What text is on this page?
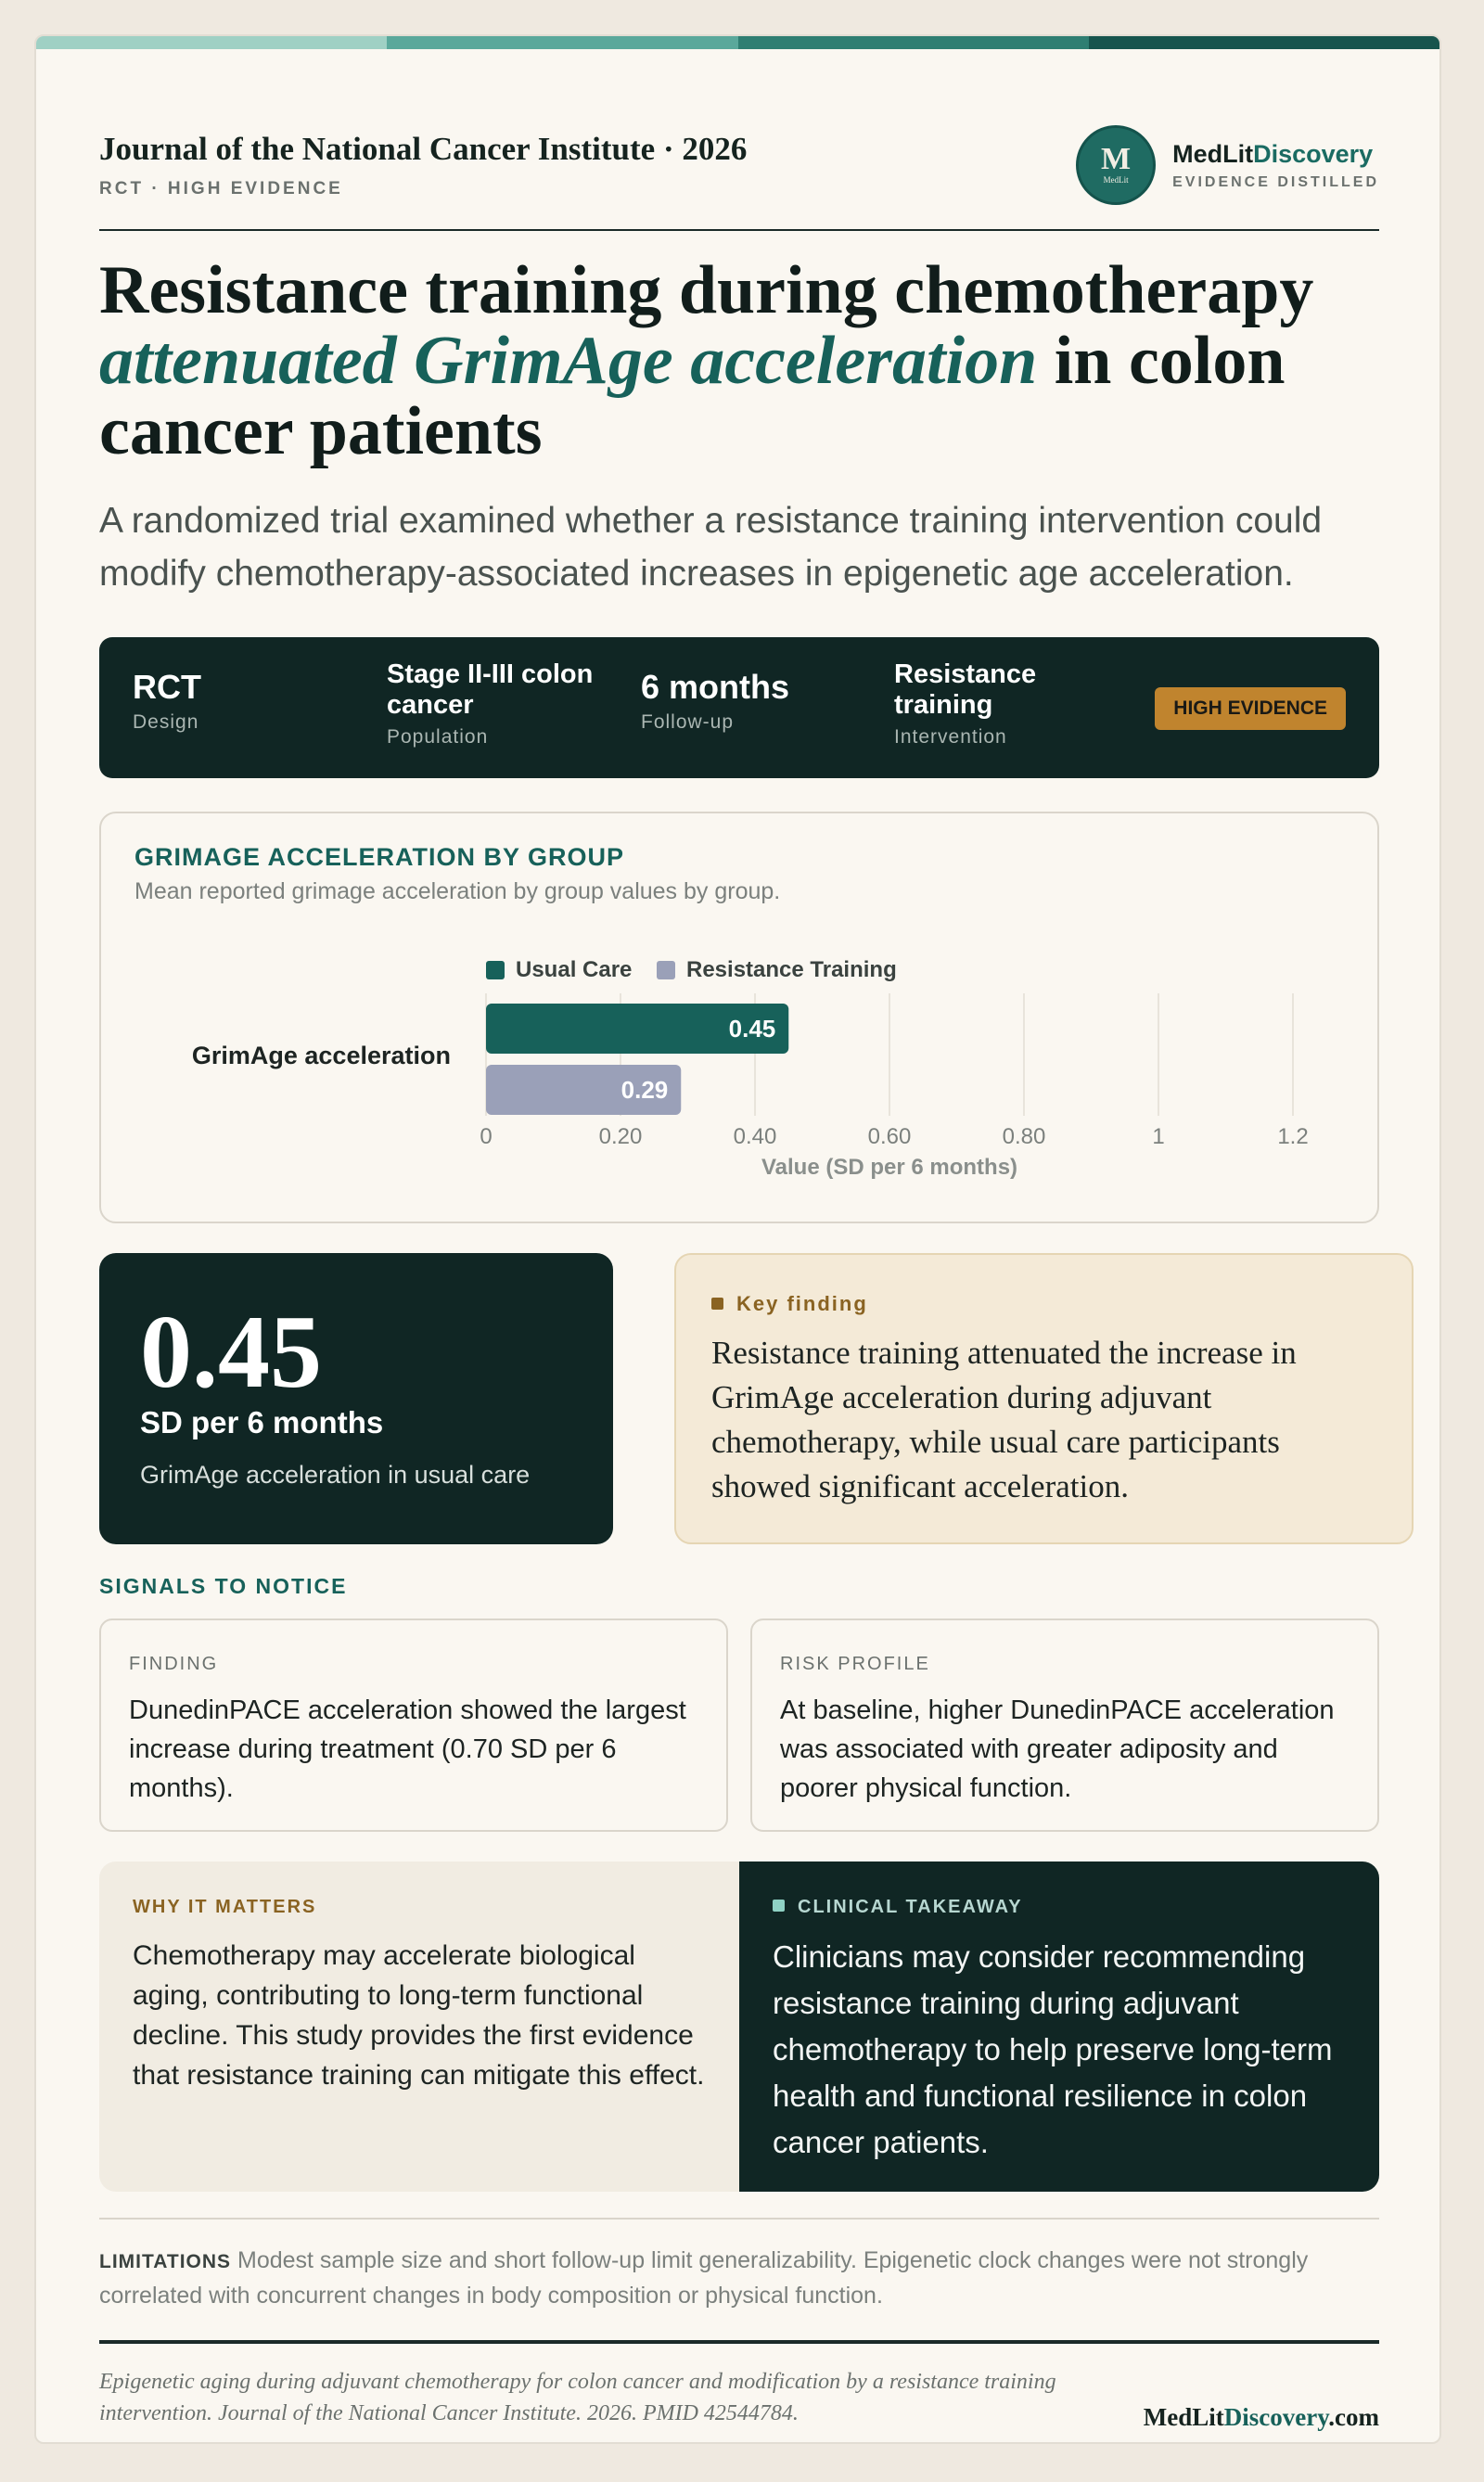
Journal of the National Cancer Institute · 2026
RCT · HIGH EVIDENCE
M
MedLit
MedLitDiscovery
EVIDENCE DISTILLED
Resistance training during chemotherapy attenuated GrimAge acceleration in colon cancer patients

A randomized trial examined whether a resistance training intervention could modify chemotherapy-associated increases in epigenetic age acceleration.

RCT
Design
Stage II-III colon cancer
Population
6 months
Follow-up
Resistance training
Intervention
HIGH EVIDENCE
GRIMAGE ACCELERATION BY GROUP
Mean reported grimage acceleration by group values by group.
0	0.20	0.40	0.60	0.80	1	1.2
Usual Care Resistance Training
GrimAge acceleration
0.45
0.29
Value (SD per 6 months)
0.45
SD per 6 months
GrimAge acceleration in usual care
Key finding
Resistance training attenuated the increase in GrimAge acceleration during adjuvant chemotherapy, while usual care participants showed significant acceleration.
SIGNALS TO NOTICE
FINDING
DunedinPACE acceleration showed the largest increase during treatment (0.70 SD per 6 months).
RISK PROFILE
At baseline, higher DunedinPACE acceleration was associated with greater adiposity and poorer physical function.
WHY IT MATTERS
Chemotherapy may accelerate biological aging, contributing to long-term functional decline. This study provides the first evidence that resistance training can mitigate this effect.
CLINICAL TAKEAWAY
Clinicians may consider recommending resistance training during adjuvant chemotherapy to help preserve long-term health and functional resilience in colon cancer patients.
LIMITATIONS Modest sample size and short follow-up limit generalizability. Epigenetic clock changes were not strongly correlated with concurrent changes in body composition or physical function.
Epigenetic aging during adjuvant chemotherapy for colon cancer and modification by a resistance training intervention. Journal of the National Cancer Institute. 2026. PMID 42544784.	MedLitDiscovery.com
